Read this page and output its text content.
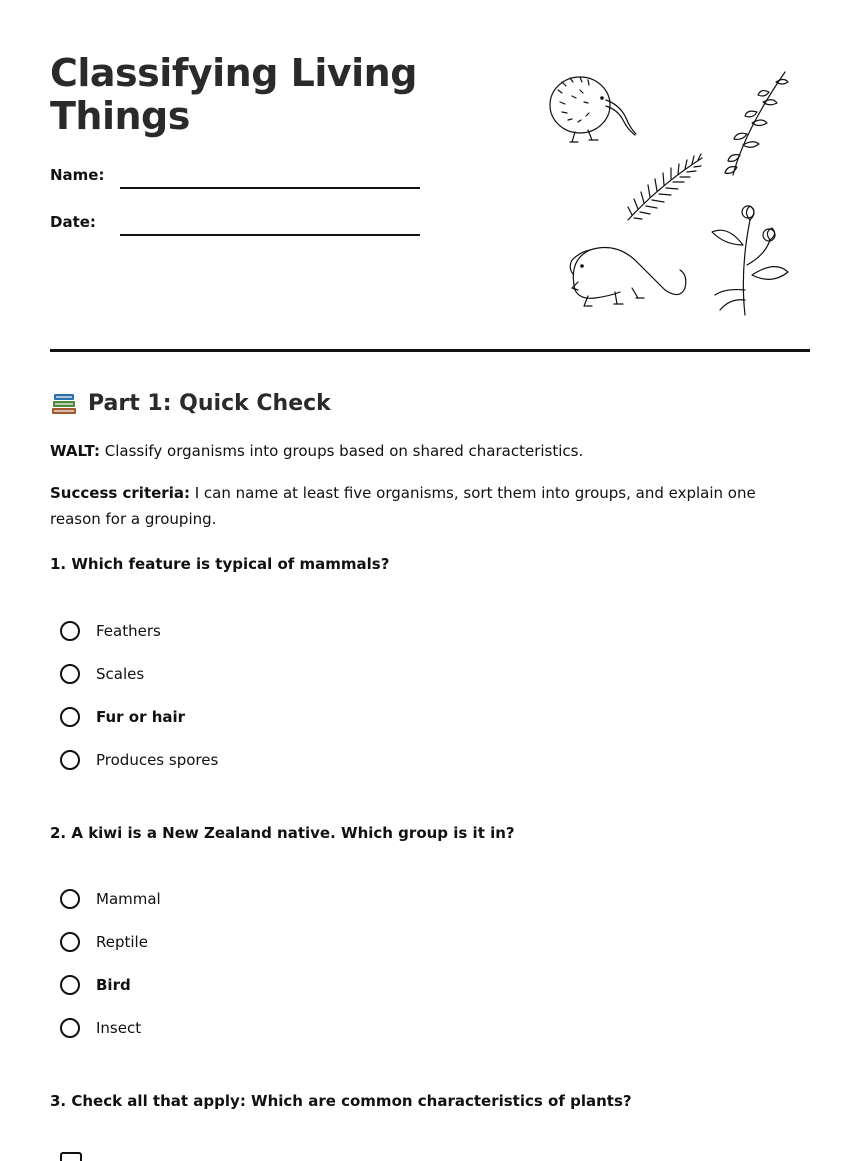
Classifying Living Things
Name:
Date:
Part 1: Quick Check

WALT: Classify organisms into groups based on shared characteristics.

Success criteria: I can name at least five organisms, sort them into groups, and explain one reason for a grouping.

1. Which feature is typical of mammals?

Feathers
Scales
Fur or hair
Produces spores

2. A kiwi is a New Zealand native. Which group is it in?

Mammal
Reptile
Bird
Insect

3. Check all that apply: Which are common characteristics of plants?
